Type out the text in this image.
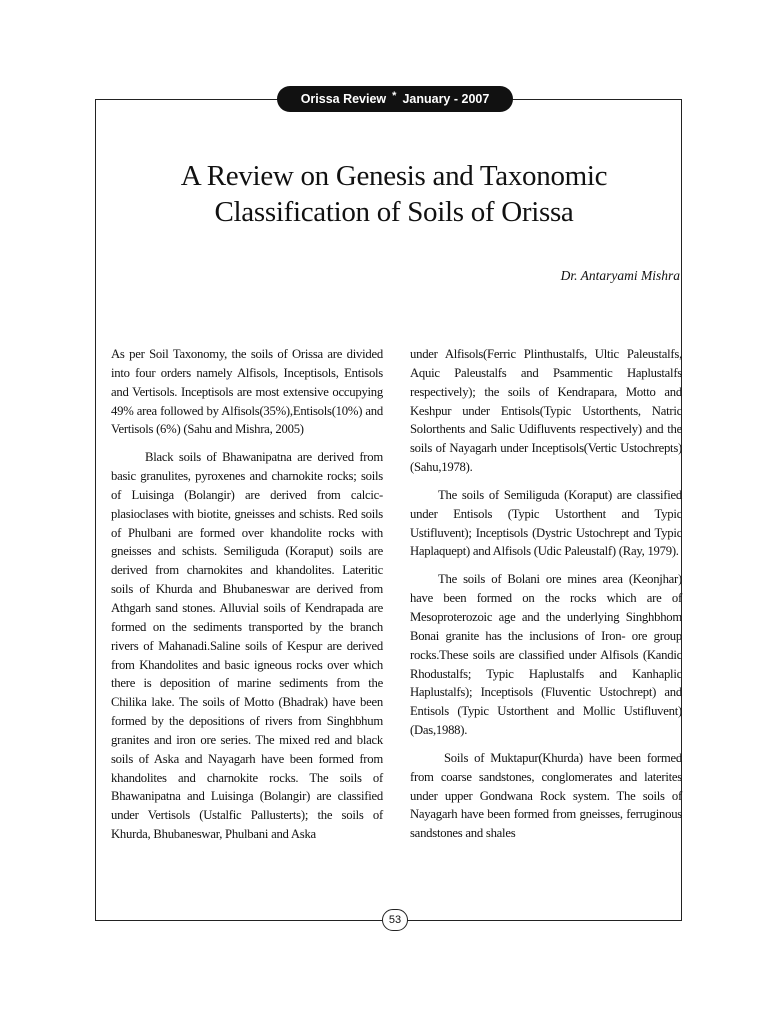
Orissa Review * January - 2007
A Review on Genesis and Taxonomic
Classification of Soils of Orissa
Dr. Antaryami Mishra

As per Soil Taxonomy, the soils of Orissa are divided into four orders namely Alfisols, Inceptisols, Entisols and Vertisols. Inceptisols are most extensive occupying 49% area followed by Alfisols(35%),Entisols(10%) and Vertisols (6%) (Sahu and Mishra, 2005)

Black soils of Bhawanipatna are derived from basic granulites, pyroxenes and charnokite rocks; soils of Luisinga (Bolangir) are derived from calcic-plasioclases with biotite, gneisses and schists. Red soils of Phulbani are formed over khandolite rocks with gneisses and schists. Semiliguda (Koraput) soils are derived from charnokites and khandolites. Lateritic soils of Khurda and Bhubaneswar are derived from Athgarh sand stones. Alluvial soils of Kendrapada are formed on the sediments transported by the branch rivers of Mahanadi.Saline soils of Kespur are derived from Khandolites and basic igneous rocks over which there is deposition of marine sediments from the Chilika lake. The soils of Motto (Bhadrak) have been formed by the depositions of rivers from Singhbhum granites and iron ore series. The mixed red and black soils of Aska and Nayagarh have been formed from khandolites and charnokite rocks. The soils of Bhawanipatna and Luisinga (Bolangir) are classified under Vertisols (Ustalfic Pallusterts); the soils of Khurda, Bhubaneswar, Phulbani and Aska

under Alfisols(Ferric Plinthustalfs, Ultic Paleustalfs, Aquic Paleustalfs and Psammentic Haplustalfs respectively); the soils of Kendrapara, Motto and Keshpur under Entisols(Typic Ustorthents, Natric Solorthents and Salic Udifluvents respectively) and the soils of Nayagarh under Inceptisols(Vertic Ustochrepts) (Sahu,1978).

The soils of Semiliguda (Koraput) are classified under Entisols (Typic Ustorthent and Typic Ustifluvent); Inceptisols (Dystric Ustochrept and Typic Haplaquept) and Alfisols (Udic Paleustalf) (Ray, 1979).

The soils of Bolani ore mines area (Keonjhar) have been formed on the rocks which are of Mesoproterozoic age and the underlying Singhbhom Bonai granite has the inclusions of Iron- ore group rocks.These soils are classified under Alfisols (Kandic Rhodustalfs; Typic Haplustalfs and Kanhaplic Haplustalfs); Inceptisols (Fluventic Ustochrept) and Entisols (Typic Ustorthent and Mollic Ustifluvent) (Das,1988).

Soils of Muktapur(Khurda) have been formed from coarse sandstones, conglomerates and laterites under upper Gondwana Rock system. The soils of Nayagarh have been formed from gneisses, ferruginous sandstones and shales

53
